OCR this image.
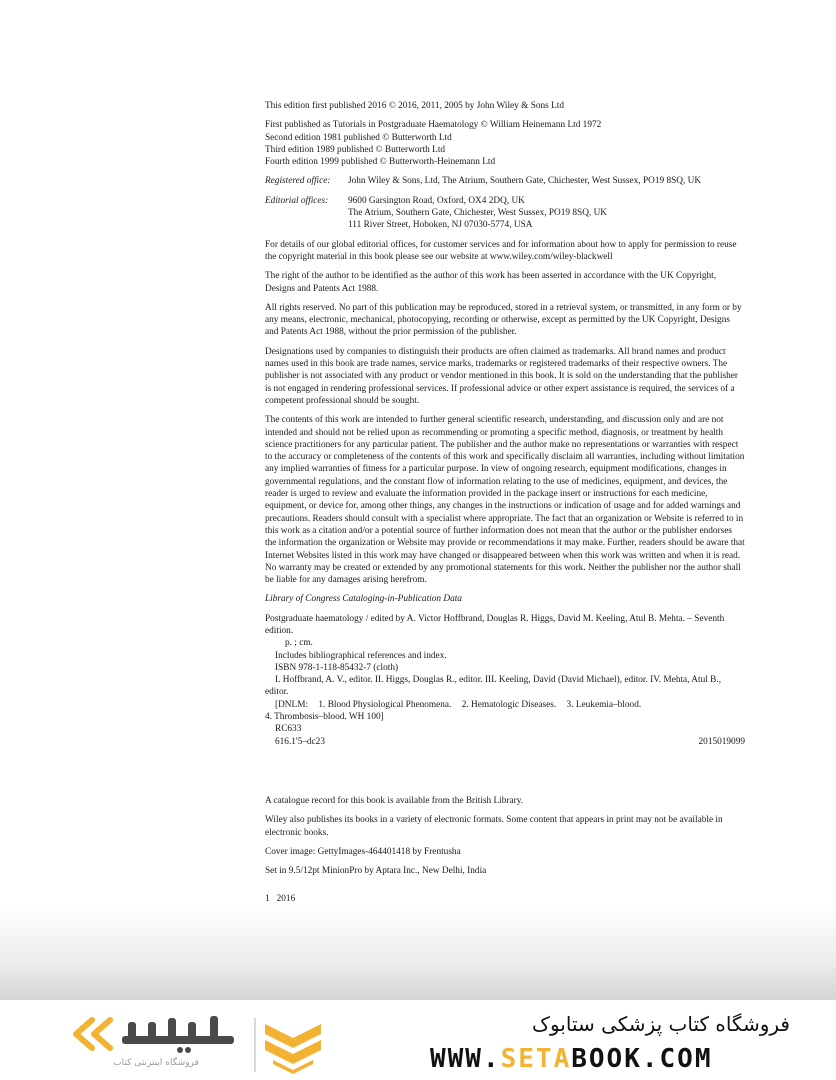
This edition first published 2016 © 2016, 2011, 2005 by John Wiley & Sons Ltd

First published as Tutorials in Postgraduate Haematology © William Heinemann Ltd 1972

Second edition 1981 published © Butterworth Ltd

Third edition 1989 published © Butterworth Ltd

Fourth edition 1999 published © Butterworth-Heinemann Ltd

Registered office:	John Wiley & Sons, Ltd, The Atrium, Southern Gate, Chichester, West Sussex, PO19 8SQ, UK
Editorial offices:	9600 Garsington Road, Oxford, OX4 2DQ, UK
The Atrium, Southern Gate, Chichester, West Sussex, PO19 8SQ, UK
111 River Street, Hoboken, NJ 07030-5774, USA

For details of our global editorial offices, for customer services and for information about how to apply for permission to reuse the copyright material in this book please see our website at www.wiley.com/wiley-blackwell

The right of the author to be identified as the author of this work has been asserted in accordance with the UK Copyright, Designs and Patents Act 1988.

All rights reserved. No part of this publication may be reproduced, stored in a retrieval system, or transmitted, in any form or by any means, electronic, mechanical, photocopying, recording or otherwise, except as permitted by the UK Copyright, Designs and Patents Act 1988, without the prior permission of the publisher.

Designations used by companies to distinguish their products are often claimed as trademarks. All brand names and product names used in this book are trade names, service marks, trademarks or registered trademarks of their respective owners. The publisher is not associated with any product or vendor mentioned in this book. It is sold on the understanding that the publisher is not engaged in rendering professional services. If professional advice or other expert assistance is required, the services of a competent professional should be sought.

The contents of this work are intended to further general scientific research, understanding, and discussion only and are not intended and should not be relied upon as recommending or promoting a specific method, diagnosis, or treatment by health science practitioners for any particular patient. The publisher and the author make no representations or warranties with respect to the accuracy or completeness of the contents of this work and specifically disclaim all warranties, including without limitation any implied warranties of fitness for a particular purpose. In view of ongoing research, equipment modifications, changes in governmental regulations, and the constant flow of information relating to the use of medicines, equipment, and devices, the reader is urged to review and evaluate the information provided in the package insert or instructions for each medicine, equipment, or device for, among other things, any changes in the instructions or indication of usage and for added warnings and precautions. Readers should consult with a specialist where appropriate. The fact that an organization or Website is referred to in this work as a citation and/or a potential source of further information does not mean that the author or the publisher endorses the information the organization or Website may provide or recommendations it may make. Further, readers should be aware that Internet Websites listed in this work may have changed or disappeared between when this work was written and when it is read. No warranty may be created or extended by any promotional statements for this work. Neither the publisher nor the author shall be liable for any damages arising herefrom.

Library of Congress Cataloging-in-Publication Data

Postgraduate haematology / edited by A. Victor Hoffbrand, Douglas R. Higgs, David M. Keeling, Atul B. Mehta. – Seventh edition.

p. ; cm.

Includes bibliographical references and index.

ISBN 978-1-118-85432-7 (cloth)

I. Hoffbrand, A. V., editor. II. Higgs, Douglas R., editor. III. Keeling, David (David Michael), editor. IV. Mehta, Atul B., editor.

[DNLM: 1. Blood Physiological Phenomena. 2. Hematologic Diseases. 3. Leukemia–blood.

4. Thrombosis–blood. WH 100]

RC633

616.1'5–dc23	2015019099

A catalogue record for this book is available from the British Library.

Wiley also publishes its books in a variety of electronic formats. Some content that appears in print may not be available in electronic books.

Cover image: GettyImages-464401418 by Frentusha

Set in 9.5/12pt MinionPro by Aptara Inc., New Delhi, India

1   2016

فروشگاه اینترنتی کتاب
فروشگاه کتاب پزشکی ستابوک
WWW.SETABOOK.COM
